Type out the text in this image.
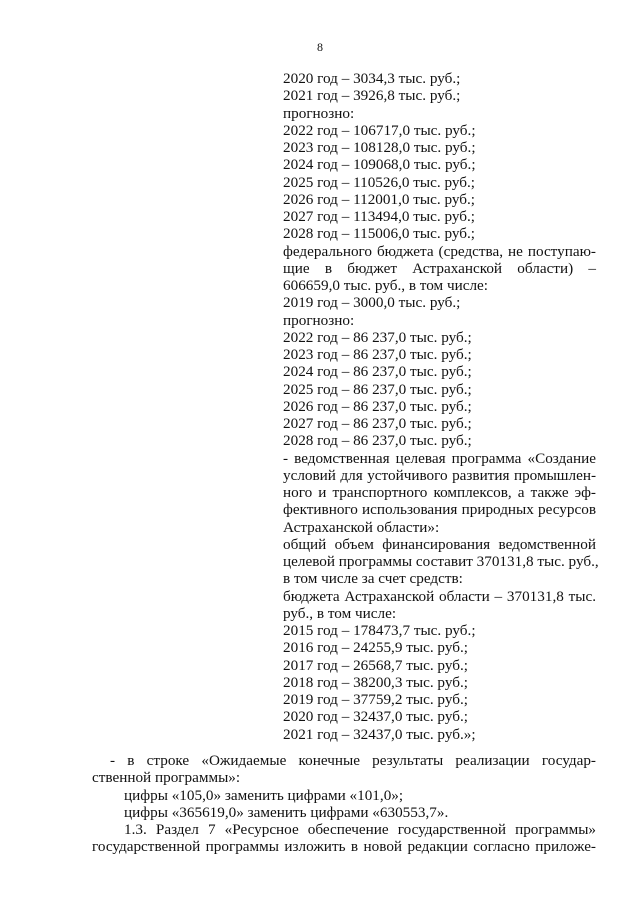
8
2020 год – 3034,3 тыс. руб.;
2021 год – 3926,8 тыс. руб.;
прогнозно:
2022 год – 106717,0 тыс. руб.;
2023 год – 108128,0 тыс. руб.;
2024 год – 109068,0 тыс. руб.;
2025 год – 110526,0 тыс. руб.;
2026 год – 112001,0 тыс. руб.;
2027 год – 113494,0 тыс. руб.;
2028 год – 115006,0 тыс. руб.;
федерального бюджета (средства, не поступаю-
щие в бюджет Астраханской области) –
606659,0 тыс. руб., в том числе:
2019 год – 3000,0 тыс. руб.;
прогнозно:
2022 год – 86 237,0 тыс. руб.;
2023 год – 86 237,0 тыс. руб.;
2024 год – 86 237,0 тыс. руб.;
2025 год – 86 237,0 тыс. руб.;
2026 год – 86 237,0 тыс. руб.;
2027 год – 86 237,0 тыс. руб.;
2028 год – 86 237,0 тыс. руб.;
- ведомственная целевая программа «Создание
условий для устойчивого развития промышлен-
ного и транспортного комплексов, а также эф-
фективного использования природных ресурсов
Астраханской области»:
общий объем финансирования ведомственной
целевой программы составит 370131,8 тыс. руб.,
в том числе за счет средств:
бюджета Астраханской области – 370131,8 тыс.
руб., в том числе:
2015 год – 178473,7 тыс. руб.;
2016 год – 24255,9 тыс. руб.;
2017 год – 26568,7 тыс. руб.;
2018 год – 38200,3 тыс. руб.;
2019 год – 37759,2 тыс. руб.;
2020 год – 32437,0 тыс. руб.;
2021 год – 32437,0 тыс. руб.»;
- в строке «Ожидаемые конечные результаты реализации государ-
ственной программы»:
цифры «105,0» заменить цифрами «101,0»;
цифры «365619,0» заменить цифрами «630553,7».
1.3. Раздел 7 «Ресурсное обеспечение государственной программы»
государственной программы изложить в новой редакции согласно приложе-
